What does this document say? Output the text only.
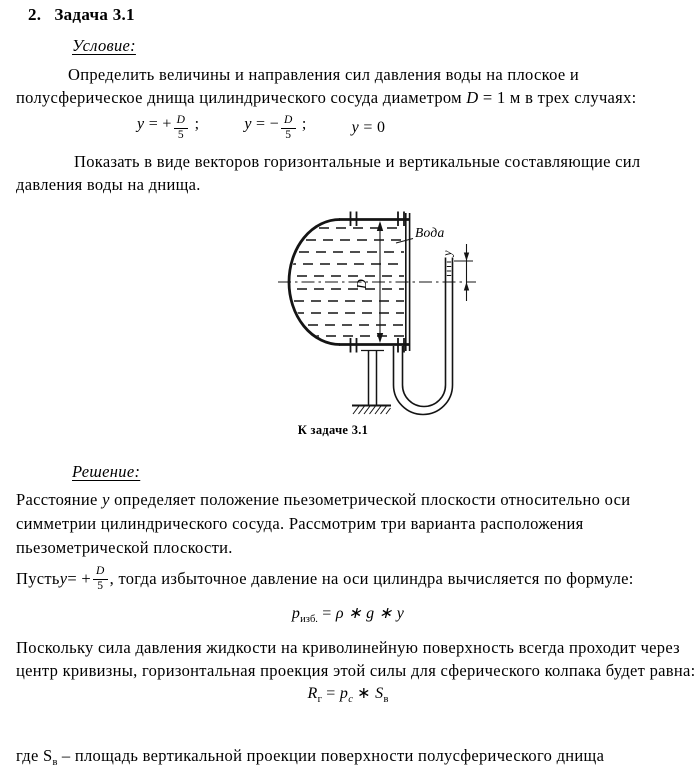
2. Задача 3.1
Условие:
Определить величины и направления сил давления воды на плоское и
полусферическое днища цилиндрического сосуда диаметром D = 1 м в трех случаях:
y = + $\frac{D}{5}$ ;	y = − $\frac{D}{5}$ ;	y = 0
Показать в виде векторов горизонтальные и вертикальные составляющие сил
давления воды на днища.
D
Вода
y
К задаче 3.1
Решение:
Расстояние y определяет положение пьезометрической плоскости относительно оси
симметрии цилиндрического сосуда. Рассмотрим три варианта расположения
пьезометрической плоскости.
Пусть y = + $\frac{D}{5}$ , тогда избыточное давление на оси цилиндра вычисляется по формуле:
$p_{изб.} = \rho$ ∗ g ∗ y
Поскольку сила давления жидкости на криволинейную поверхность всегда проходит через
центр кривизны, горизонтальная проекция этой силы для сферического колпака будет равна:
$R_г = p_c$ ∗ $S_в$
где $S_в$ – площадь вертикальной проекции поверхности полусферического днища
